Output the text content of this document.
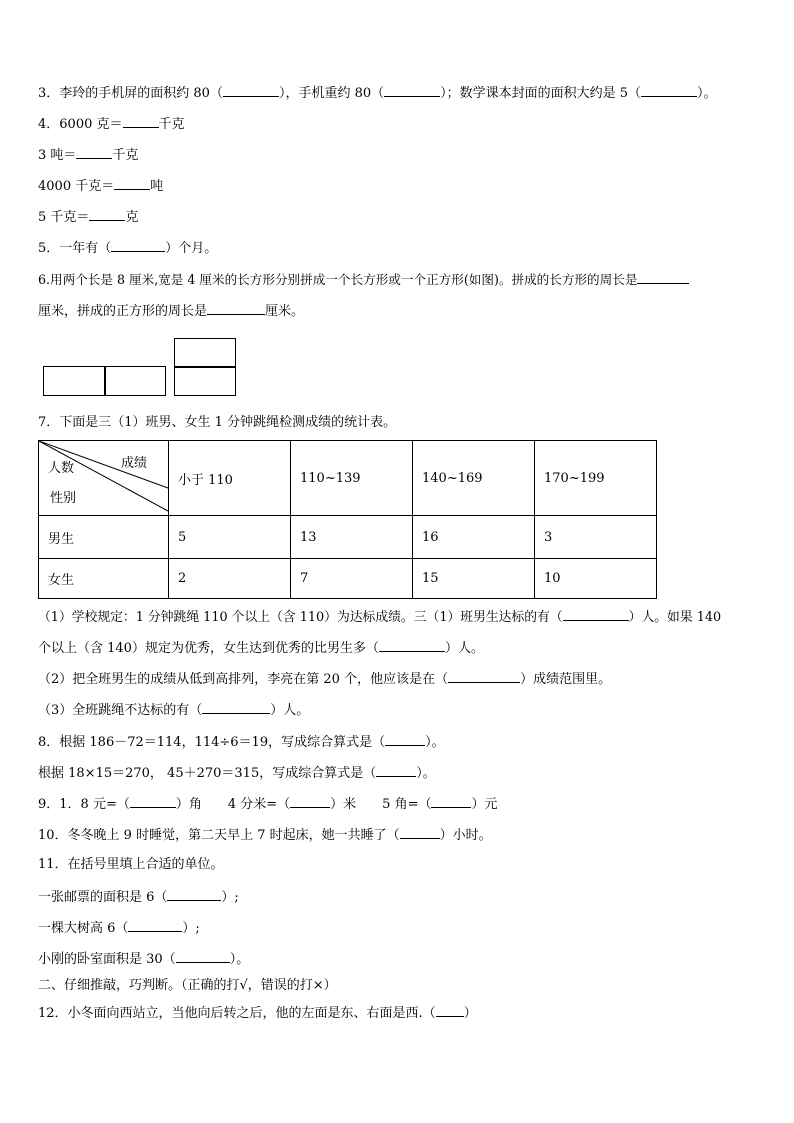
3．李玲的手机屏的面积约 80（	），手机重约 80（	）；数学课本封面的面积大约是 5（	）。
4．6000 克＝	千克
3 吨＝	千克
4000 千克＝	吨
5 千克＝	克
5．一年有（	）个月。
6.用两个长是 8 厘米,宽是 4 厘米的长方形分别拼成一个长方形或一个正方形(如图)。拼成的长方形的周长是
厘米，拼成的正方形的周长是	厘米。
7．下面是三（1）班男、女生 1 分钟跳绳检测成绩的统计表。
成绩
人数
性别	小于 110	110~139	140~169	170~199
男生	5	13	16	3
女生	2	7	15	10
（1）学校规定：1 分钟跳绳 110 个以上（含 110）为达标成绩。三（1）班男生达标的有（	）人。如果 140
个以上（含 140）规定为优秀，女生达到优秀的比男生多（	）人。
（2）把全班男生的成绩从低到高排列，李亮在第 20 个，他应该是在（	）成绩范围里。
（3）全班跳绳不达标的有（	）人。
8．根据 186－72＝114，114÷6＝19，写成综合算式是（	）。
根据 18×15＝270， 45＋270＝315，写成综合算式是（	）。
9．1．8 元=（	）角 4 分米=（	）米 5 角=（	）元
10．冬冬晚上 9 时睡觉，第二天早上 7 时起床，她一共睡了（	）小时。
11．在括号里填上合适的单位。
一张邮票的面积是 6（	）;
一棵大树高 6（	）;
小刚的卧室面积是 30（	）。
二、仔细推敲，巧判断。（正确的打√，错误的打×）
12．小冬面向西站立，当他向后转之后，他的左面是东、右面是西.（ ）
